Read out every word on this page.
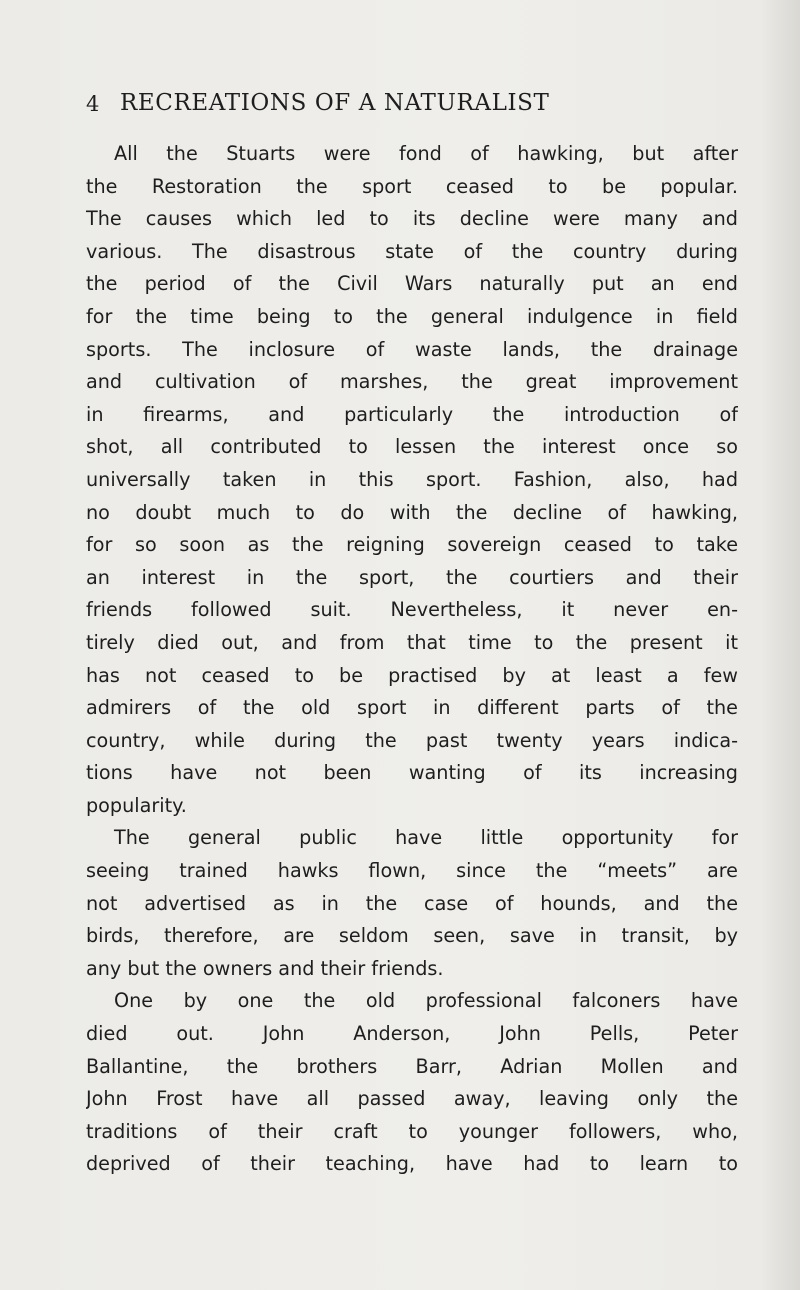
4 RECREATIONS OF A NATURALIST
All the Stuarts were fond of hawking, but after
the Restoration the sport ceased to be popular.
The causes which led to its decline were many and
various. The disastrous state of the country during
the period of the Civil Wars naturally put an end
for the time being to the general indulgence in field
sports. The inclosure of waste lands, the drainage
and cultivation of marshes, the great improvement
in firearms, and particularly the introduction of
shot, all contributed to lessen the interest once so
universally taken in this sport. Fashion, also, had
no doubt much to do with the decline of hawking,
for so soon as the reigning sovereign ceased to take
an interest in the sport, the courtiers and their
friends followed suit. Nevertheless, it never en-
tirely died out, and from that time to the present it
has not ceased to be practised by at least a few
admirers of the old sport in different parts of the
country, while during the past twenty years indica-
tions have not been wanting of its increasing
popularity.
The general public have little opportunity for
seeing trained hawks flown, since the “meets” are
not advertised as in the case of hounds, and the
birds, therefore, are seldom seen, save in transit, by
any but the owners and their friends.
One by one the old professional falconers have
died out. John Anderson, John Pells, Peter
Ballantine, the brothers Barr, Adrian Mollen and
John Frost have all passed away, leaving only the
traditions of their craft to younger followers, who,
deprived of their teaching, have had to learn to
